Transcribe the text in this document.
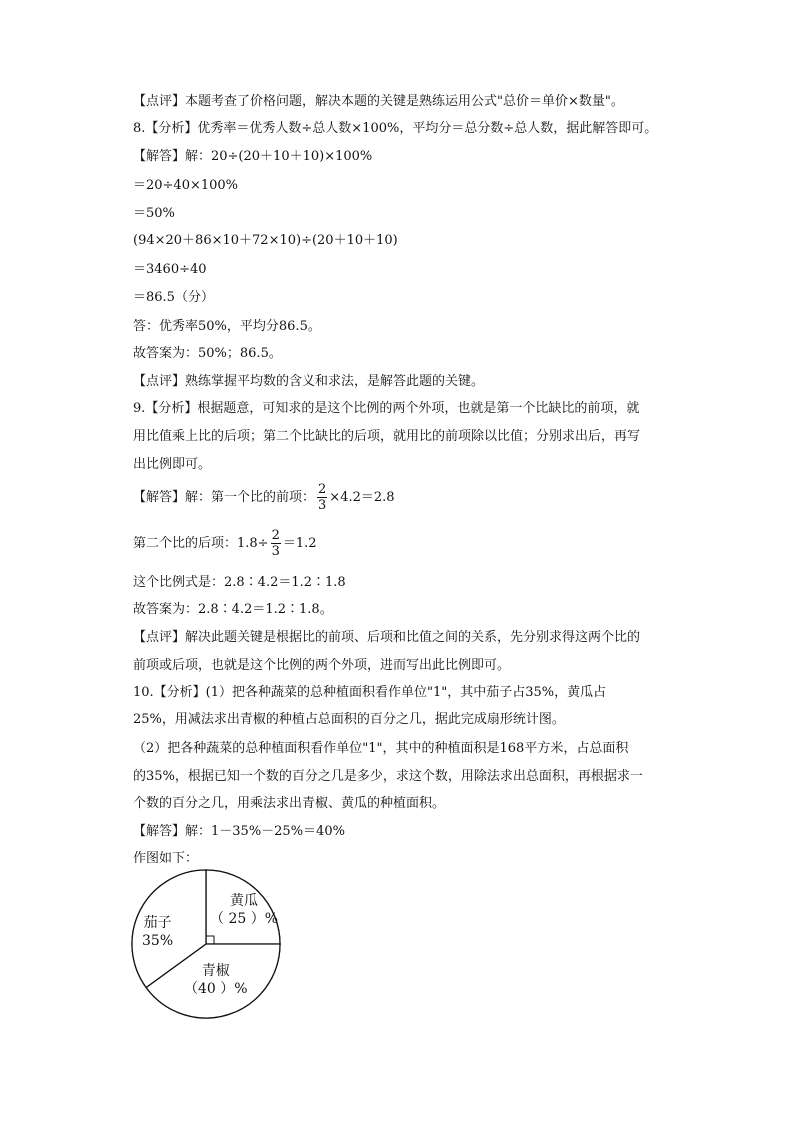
【点评】本题考查了价格问题，解决本题的关键是熟练运用公式"总价＝单价×数量"。
8.【分析】优秀率＝优秀人数÷总人数×100%，平均分＝总分数÷总人数，据此解答即可。
【解答】解：20÷(20＋10＋10)×100%
＝20÷40×100%
＝50%
(94×20＋86×10＋72×10)÷(20＋10＋10)
＝3460÷40
＝86.5（分）
答：优秀率50%，平均分86.5。
故答案为：50%；86.5。
【点评】熟练掌握平均数的含义和求法，是解答此题的关键。
9.【分析】根据题意，可知求的是这个比例的两个外项，也就是第一个比缺比的前项，就
用比值乘上比的后项；第二个比缺比的后项，就用比的前项除以比值；分别求出后，再写
出比例即可。
【解答】解：第一个比的前项： $\frac{2}{3} \times 4.2=2.8$
第二个比的后项：$1.8\div \frac{2}{3} =1.2$
这个比例式是：2.8∶4.2＝1.2∶1.8
故答案为：2.8∶4.2＝1.2∶1.8。
【点评】解决此题关键是根据比的前项、后项和比值之间的关系，先分别求得这两个比的
前项或后项，也就是这个比例的两个外项，进而写出此比例即可。
10.【分析】(1）把各种蔬菜的总种植面积看作单位"1"，其中茄子占35%，黄瓜占
25%，用减法求出青椒的种植占总面积的百分之几，据此完成扇形统计图。
（2）把各种蔬菜的总种植面积看作单位"1"，其中的种植面积是168平方米，占总面积
的35%，根据已知一个数的百分之几是多少，求这个数，用除法求出总面积，再根据求一
个数的百分之几，用乘法求出青椒、黄瓜的种植面积。
【解答】解：1－35%－25%＝40%
作图如下：
茄子
35%
黄瓜
（ 25 ）%
青椒
（40 ）%
